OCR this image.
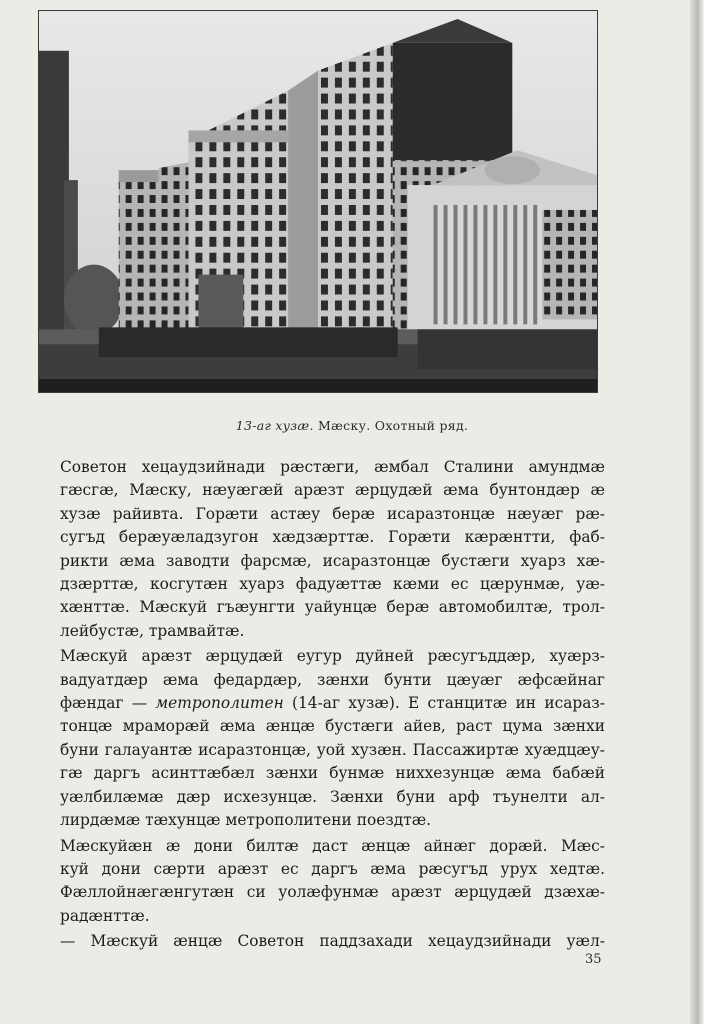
13-аг хузæ. Мæску. Охотный ряд.
Советон хецаудзийнади рæстæги, æмбал Сталини амундмæ
гæсгæ, Мæску, нæуæгæй арæзт æрцудæй æма бунтондæр æ
хузæ райивта. Горæти астæу берæ исаразтонцæ нæуæг рæ-
сугъд берæуæладзугон хæдзæрттæ. Горæти кæрæнтти, фаб-
рикти æма заводти фарсмæ, исаразтонцæ бустæги хуарз хæ-
дзæрттæ, косгутæн хуарз фадуæттæ кæми ес цæрунмæ, уæ-
хæнттæ. Мæскуй гъæунгти уайунцæ берæ автомобилтæ, трол-
лейбустæ, трамвайтæ.
Мæскуй арæзт æрцудæй еугур дуйней рæсугъддæр, хуæрз-
вадуатдæр æма федардæр, зæнхи бунти цæуæг æфсæйнаг
фæндаг — метрополитен (14-аг хузæ). Е станцитæ ин исараз-
тонцæ мраморæй æма æнцæ бустæги айев, раст цума зæнхи
буни галауантæ исаразтонцæ, уой хузæн. Пассажиртæ хуæдцæу-
гæ даргъ асинттæбæл зæнхи бунмæ нихxезунцæ æма бабæй
уæлбилæмæ дæр исхезунцæ. Зæнхи буни арф тъунелти ал-
лирдæмæ тæхунцæ метрополитени поездтæ.
Мæскуйæн æ дони билтæ даст æнцæ айнæг дорæй. Мæс-
куй дони сæрти арæзт ес даргъ æма рæсугъд урух хедтæ.
Фæллойнæгæнгутæн си уолæфунмæ арæзт æрцудæй дзæхæ-
радæнттæ.
— Мæскуй æнцæ Советон паддзахади хецаудзийнади уæл-
35
